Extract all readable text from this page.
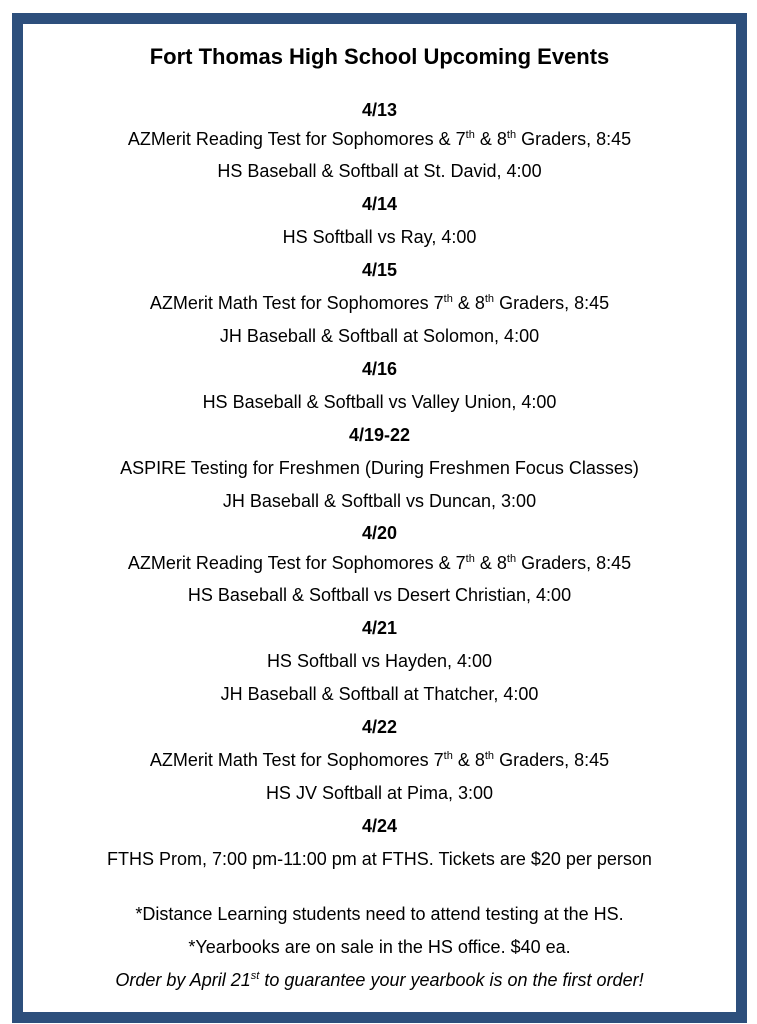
Fort Thomas High School Upcoming Events
4/13
AZMerit Reading Test for Sophomores & 7th & 8th Graders, 8:45
HS Baseball & Softball at St. David, 4:00
4/14
HS Softball vs Ray, 4:00
4/15
AZMerit Math Test for Sophomores 7th & 8th Graders, 8:45
JH Baseball & Softball at Solomon, 4:00
4/16
HS Baseball & Softball vs Valley Union, 4:00
4/19-22
ASPIRE Testing for Freshmen (During Freshmen Focus Classes)
JH Baseball & Softball vs Duncan, 3:00
4/20
AZMerit Reading Test for Sophomores & 7th & 8th Graders, 8:45
HS Baseball & Softball vs Desert Christian, 4:00
4/21
HS Softball vs Hayden, 4:00
JH Baseball & Softball at Thatcher, 4:00
4/22
AZMerit Math Test for Sophomores 7th & 8th Graders, 8:45
HS JV Softball at Pima, 3:00
4/24
FTHS Prom, 7:00 pm-11:00 pm at FTHS. Tickets are $20 per person
*Distance Learning students need to attend testing at the HS.
*Yearbooks are on sale in the HS office. $40 ea.
Order by April 21st to guarantee your yearbook is on the first order!
